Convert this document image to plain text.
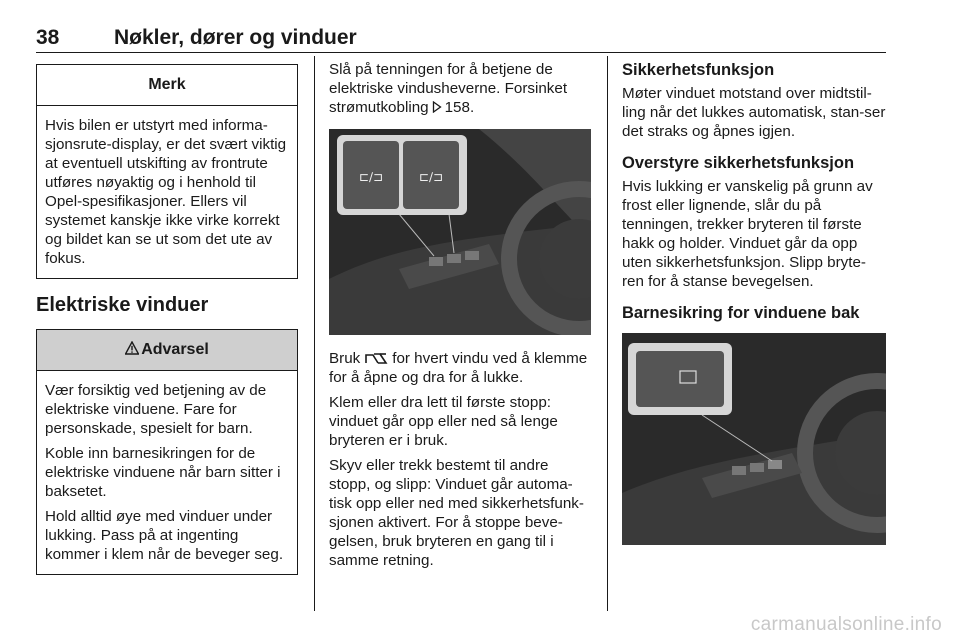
38	Nøkler, dører og vinduer
Merk

Hvis bilen er utstyrt med informa-sjonsrute-display, er det svært viktig at eventuell utskifting av frontrute utføres nøyaktig og i henhold til Opel-spesifikasjoner. Ellers vil systemet kanskje ikke virke korrekt og bildet kan se ut som det ute av fokus.

Elektriske vinduer
Advarsel

Vær forsiktig ved betjening av de elektriske vinduene. Fare for personskade, spesielt for barn.

Koble inn barnesikringen for de elektriske vinduene når barn sitter i baksetet.

Hold alltid øye med vinduer under lukking. Pass på at ingenting kommer i klem når de beveger seg.

Slå på tenningen for å betjene de elektriske vindusheverne. Forsinket strømutkobling 158.

⊏∕⊐	⊏∕⊐

Bruk for hvert vindu ved å klemme for å åpne og dra for å lukke.

Klem eller dra lett til første stopp: vinduet går opp eller ned så lenge bryteren er i bruk.

Skyv eller trekk bestemt til andre stopp, og slipp: Vinduet går automa-tisk opp eller ned med sikkerhetsfunk-sjonen aktivert. For å stoppe beve-gelsen, bruk bryteren en gang til i samme retning.

Sikkerhetsfunksjon

Møter vinduet motstand over midtstil-ling når det lukkes automatisk, stan-ser det straks og åpnes igjen.

Overstyre sikkerhetsfunksjon

Hvis lukking er vanskelig på grunn av frost eller lignende, slår du på tenningen, trekker bryteren til første hakk og holder. Vinduet går da opp uten sikkerhetsfunksjon. Slipp bryte-ren for å stanse bevegelsen.

Barnesikring for vinduene bak
carmanualsonline.info
